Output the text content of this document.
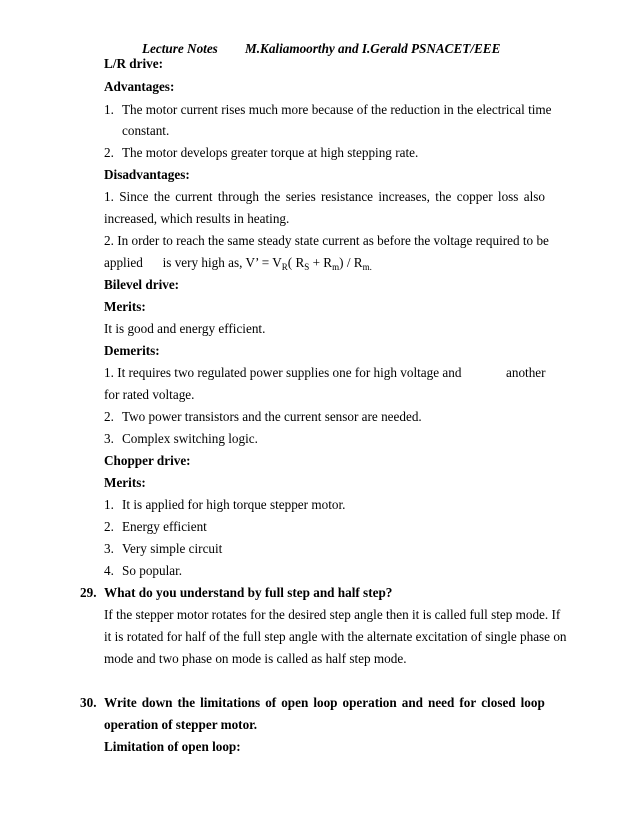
Lecture Notes M.Kaliamoorthy and I.Gerald PSNACET/EEE
L/R drive:
Advantages:
1. The motor current rises much more because of the reduction in the electrical time
constant.
2. The motor develops greater torque at high stepping rate.
Disadvantages:
1. Since the current through the series resistance increases, the copper loss also
increased, which results in heating.
2. In order to reach the same steady state current as before the voltage required to be
applied      is very high as, V’ = $V_R$( $R_S + R_m) / R_{m.}$
Bilevel drive:
Merits:
It is good and energy efficient.
Demerits:
1. It requires two regulated power supplies one for high voltage and	another
for rated voltage.
2. Two power transistors and the current sensor are needed.
3. Complex switching logic.
Chopper drive:
Merits:
1. It is applied for high torque stepper motor.
2. Energy efficient
3. Very simple circuit
4. So popular.
29. What do you understand by full step and half step?
If the stepper motor rotates for the desired step angle then it is called full step mode. If
it is rotated for half of the full step angle with the alternate excitation of single phase on
mode and two phase on mode is called as half step mode.
30. Write down the limitations of open loop operation and need for closed loop
operation of stepper motor.
Limitation of open loop:
